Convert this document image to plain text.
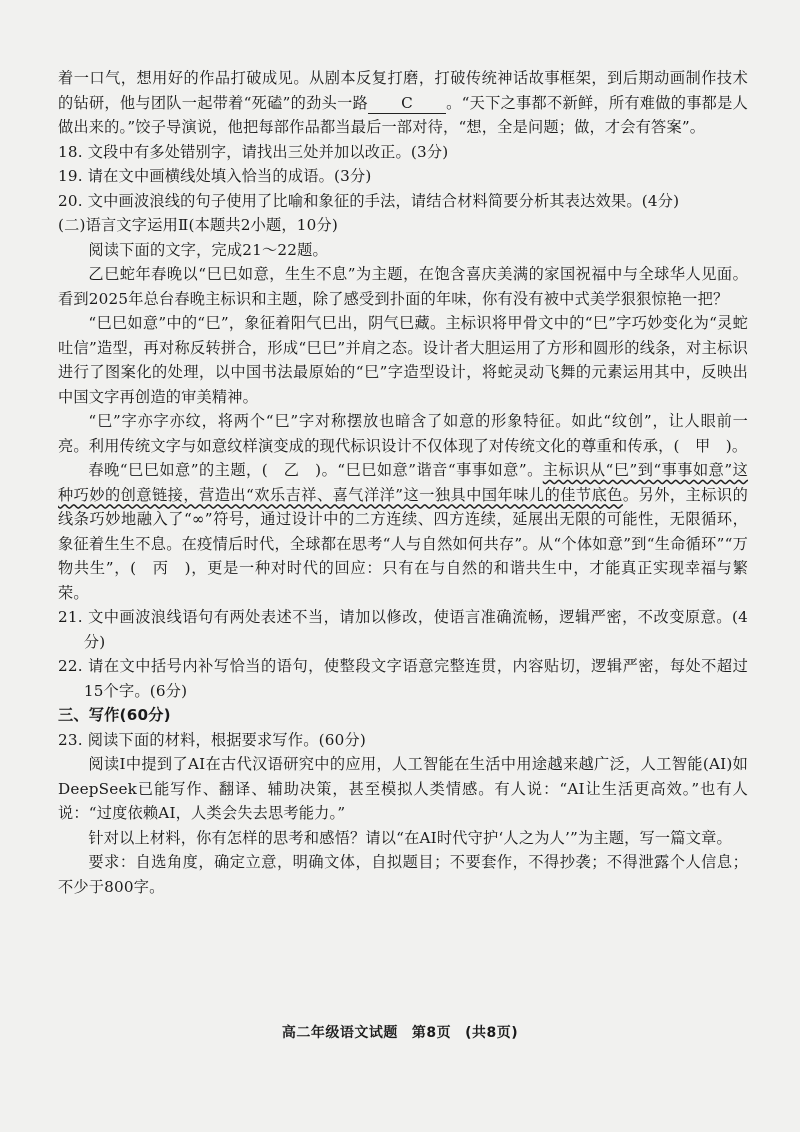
着一口气，想用好的作品打破成见。从剧本反复打磨，打破传统神话故事框架，到后期动画制作技术的钻研，他与团队一起带着“死磕”的劲头一路 C 。“天下之事都不新鲜，所有难做的事都是人做出来的。”饺子导演说，他把每部作品都当最后一部对待，“想，全是问题；做，才会有答案”。

18. 文段中有多处错别字，请找出三处并加以改正。(3分)

19. 请在文中画横线处填入恰当的成语。(3分)

20. 文中画波浪线的句子使用了比喻和象征的手法，请结合材料简要分析其表达效果。(4分)

(二)语言文字运用Ⅱ(本题共2小题，10分)

阅读下面的文字，完成21～22题。

乙巳蛇年春晚以“巳巳如意，生生不息”为主题，在饱含喜庆美满的家国祝福中与全球华人见面。看到2025年总台春晚主标识和主题，除了感受到扑面的年味，你有没有被中式美学狠狠惊艳一把？

“巳巳如意”中的“巳”，象征着阳气巳出，阴气巳藏。主标识将甲骨文中的“巳”字巧妙变化为“灵蛇吐信”造型，再对称反转拼合，形成“巳巳”并肩之态。设计者大胆运用了方形和圆形的线条，对主标识进行了图案化的处理，以中国书法最原始的“巳”字造型设计，将蛇灵动飞舞的元素运用其中，反映出中国文字再创造的审美精神。

“巳”字亦字亦纹，将两个“巳”字对称摆放也暗含了如意的形象特征。如此“纹创”，让人眼前一亮。利用传统文字与如意纹样演变成的现代标识设计不仅体现了对传统文化的尊重和传承，(　甲　)。

春晚“巳巳如意”的主题，(　乙　)。“巳巳如意”谐音“事事如意”。主标识从“巳”到“事事如意”这种巧妙的创意链接，营造出“欢乐吉祥、喜气洋洋”这一独具中国年味儿的佳节底色。另外，主标识的线条巧妙地融入了“∞”符号，通过设计中的二方连续、四方连续，延展出无限的可能性，无限循环，象征着生生不息。在疫情后时代，全球都在思考“人与自然如何共存”。从“个体如意”到“生命循环”“万物共生”，(　丙　)，更是一种对时代的回应：只有在与自然的和谐共生中，才能真正实现幸福与繁荣。

21. 文中画波浪线语句有两处表述不当，请加以修改，使语言准确流畅，逻辑严密，不改变原意。(4分)

22. 请在文中括号内补写恰当的语句，使整段文字语意完整连贯，内容贴切，逻辑严密，每处不超过15个字。(6分)

三、写作(60分)

23. 阅读下面的材料，根据要求写作。(60分)

阅读Ⅰ中提到了AI在古代汉语研究中的应用，人工智能在生活中用途越来越广泛，人工智能(AI)如DeepSeek已能写作、翻译、辅助决策，甚至模拟人类情感。有人说：“AI让生活更高效。”也有人说：“过度依赖AI，人类会失去思考能力。”

针对以上材料，你有怎样的思考和感悟？请以“在AI时代守护‘人之为人’”为主题，写一篇文章。

要求：自选角度，确定立意，明确文体，自拟题目；不要套作，不得抄袭；不得泄露个人信息；不少于800字。

高二年级语文试题 第8页 (共8页)
